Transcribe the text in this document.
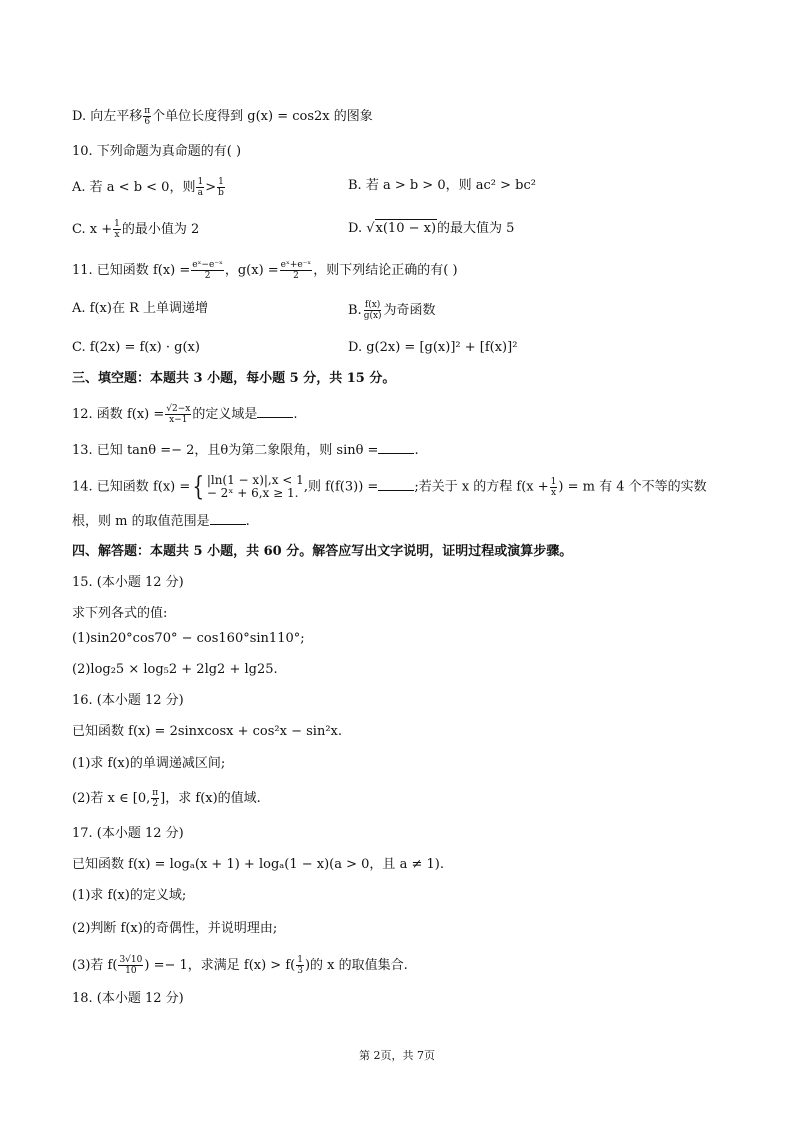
D. 向左平移 $\frac{\pi}{6}$ 个单位长度得到 g(x) = cos2x 的图象
10. 下列命题为真命题的有( )
A. 若 a < b < 0，则 $\frac{1}{a} > \frac{1}{b}$	B. 若 a > b > 0，则 ac² > bc²
C. $x + \frac{1}{x}$ 的最小值为 2	D. √x(10 − x)的最大值为 5
11. 已知函数 $f(x) = \frac{\text{eˣ−e⁻ˣ}}{2}$ ，$g(x) = \frac{\text{eˣ+e⁻ˣ}}{2}$ ，则下列结论正确的有( )
A. f(x)在 R 上单调递增	B. $\frac{f(x)}{g(x)}$ 为奇函数
C. f(2x) = f(x) · g(x)	D. g(2x) = [g(x)]² + [f(x)]²
三、填空题：本题共 3 小题，每小题 5 分，共 15 分。
12. 函数 $f(x) = \frac{√2-x}{x-1}$ 的定义域是	.
13. 已知 tanθ =− 2，且θ为第二象限角，则 sinθ =	.
14. 已知函数 f(x) ={ |ln(1 − x)|,x < 1
− 2ˣ + 6,x ≥ 1. ,则 f(f(3)) =	;若关于 x 的方程 $f(x + \frac{1}{x}$ ) = m 有 4 个不等的实数
根，则 m 的取值范围是	.
四、解答题：本题共 5 小题，共 60 分。解答应写出文字说明，证明过程或演算步骤。
15. (本小题 12 分)
求下列各式的值:
(1)sin20°cos70° − cos160°sin110°;
(2)log₂5 × log₅2 + 2lg2 + lg25.
16. (本小题 12 分)
已知函数 f(x) = 2sinxcosx + cos²x − sin²x.
(1)求 f(x)的单调递减区间;
(2)若 x ∈ [0, $\frac{\pi}{2}$ ]，求 f(x)的值域.
17. (本小题 12 分)
已知函数 f(x) = logₐ(x + 1) + logₐ(1 − x)(a > 0，且 a ≠ 1).
(1)求 f(x)的定义域;
(2)判断 f(x)的奇偶性，并说明理由;
(3)若 $f( \frac{3√10}{10}$ ) =− 1，求满足 $f(x) > f( \frac{1}{3}$ )的 x 的取值集合.
18. (本小题 12 分)
第 2页，共 7页
